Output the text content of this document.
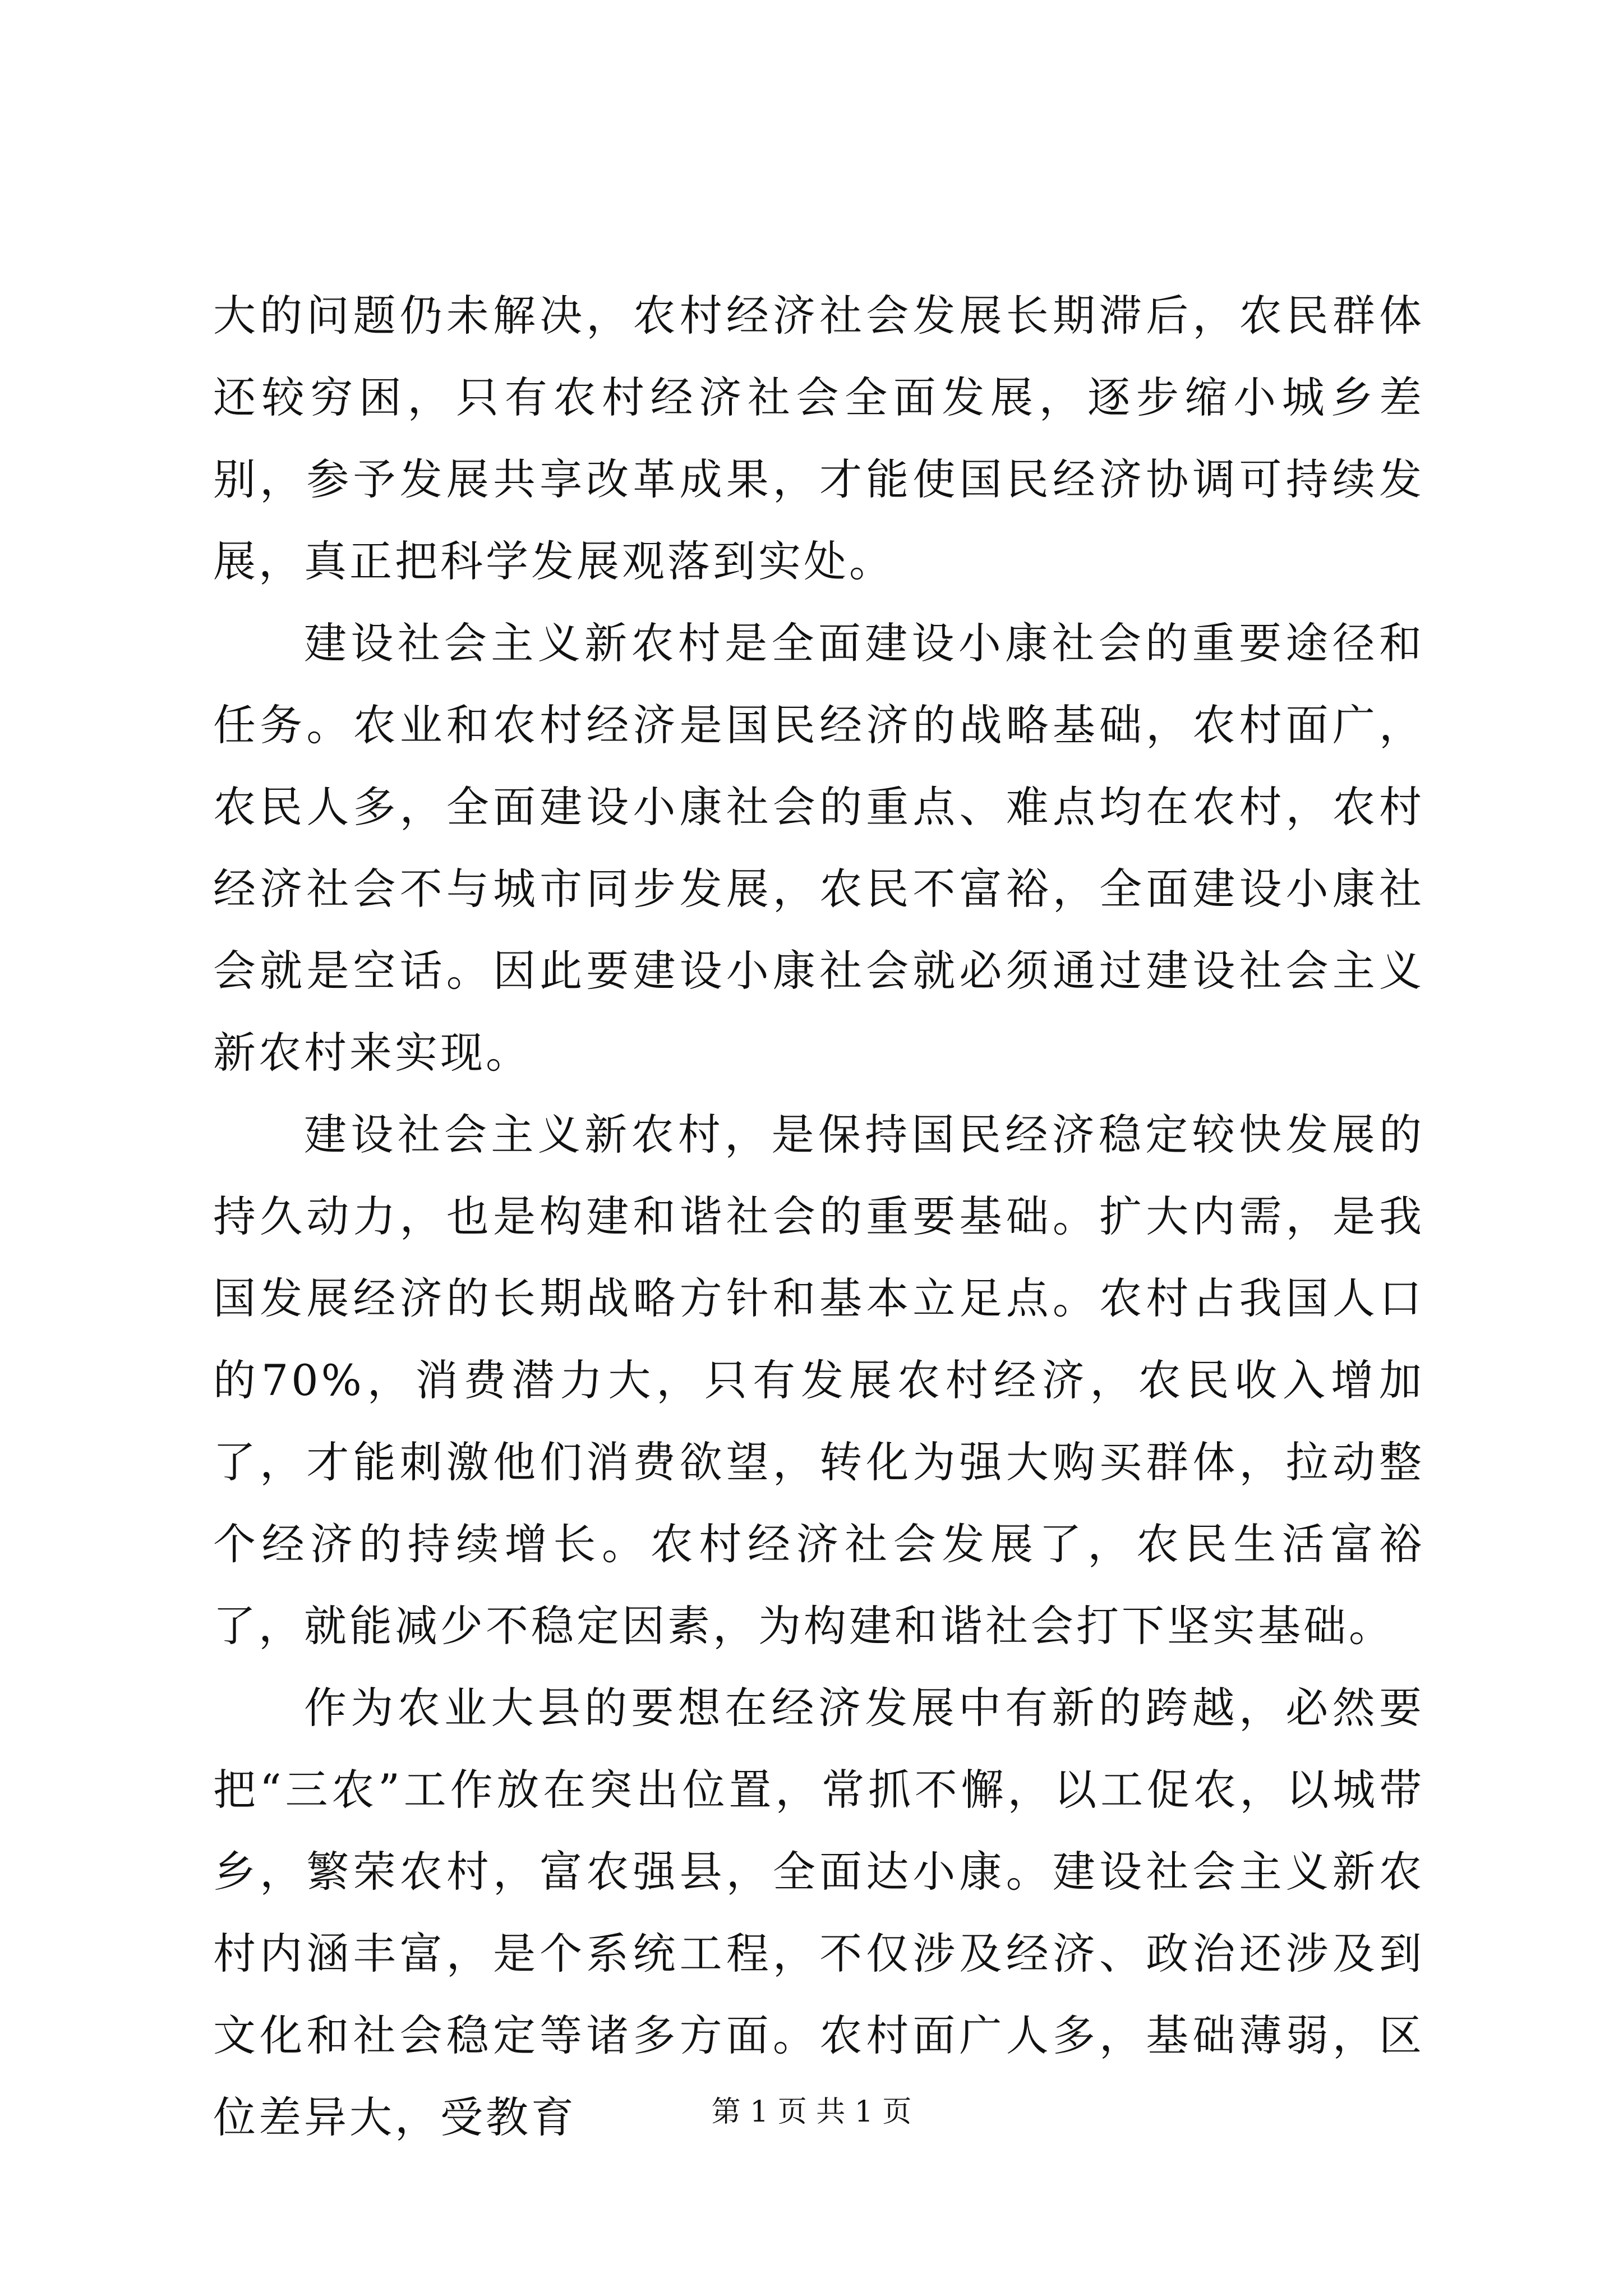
大的问题仍未解决，农村经济社会发展长期滞后，农民群体还较穷困，只有农村经济社会全面发展，逐步缩小城乡差别，参予发展共享改革成果，才能使国民经济协调可持续发展，真正把科学发展观落到实处。

建设社会主义新农村是全面建设小康社会的重要途径和任务。农业和农村经济是国民经济的战略基础，农村面广，农民人多，全面建设小康社会的重点、难点均在农村，农村经济社会不与城市同步发展，农民不富裕，全面建设小康社会就是空话。因此要建设小康社会就必须通过建设社会主义新农村来实现。

建设社会主义新农村，是保持国民经济稳定较快发展的持久动力，也是构建和谐社会的重要基础。扩大内需，是我国发展经济的长期战略方针和基本立足点。农村占我国人口的70%，消费潜力大，只有发展农村经济，农民收入增加了，才能刺激他们消费欲望，转化为强大购买群体，拉动整个经济的持续增长。农村经济社会发展了，农民生活富裕了，就能减少不稳定因素，为构建和谐社会打下坚实基础。

作为农业大县的要想在经济发展中有新的跨越，必然要把“三农”工作放在突出位置，常抓不懈，以工促农，以城带乡，繁荣农村，富农强县，全面达小康。建设社会主义新农村内涵丰富，是个系统工程，不仅涉及经济、政治还涉及到文化和社会稳定等诸多方面。农村面广人多，基础薄弱，区位差异大，受教育	第 1 页 共 1 页
